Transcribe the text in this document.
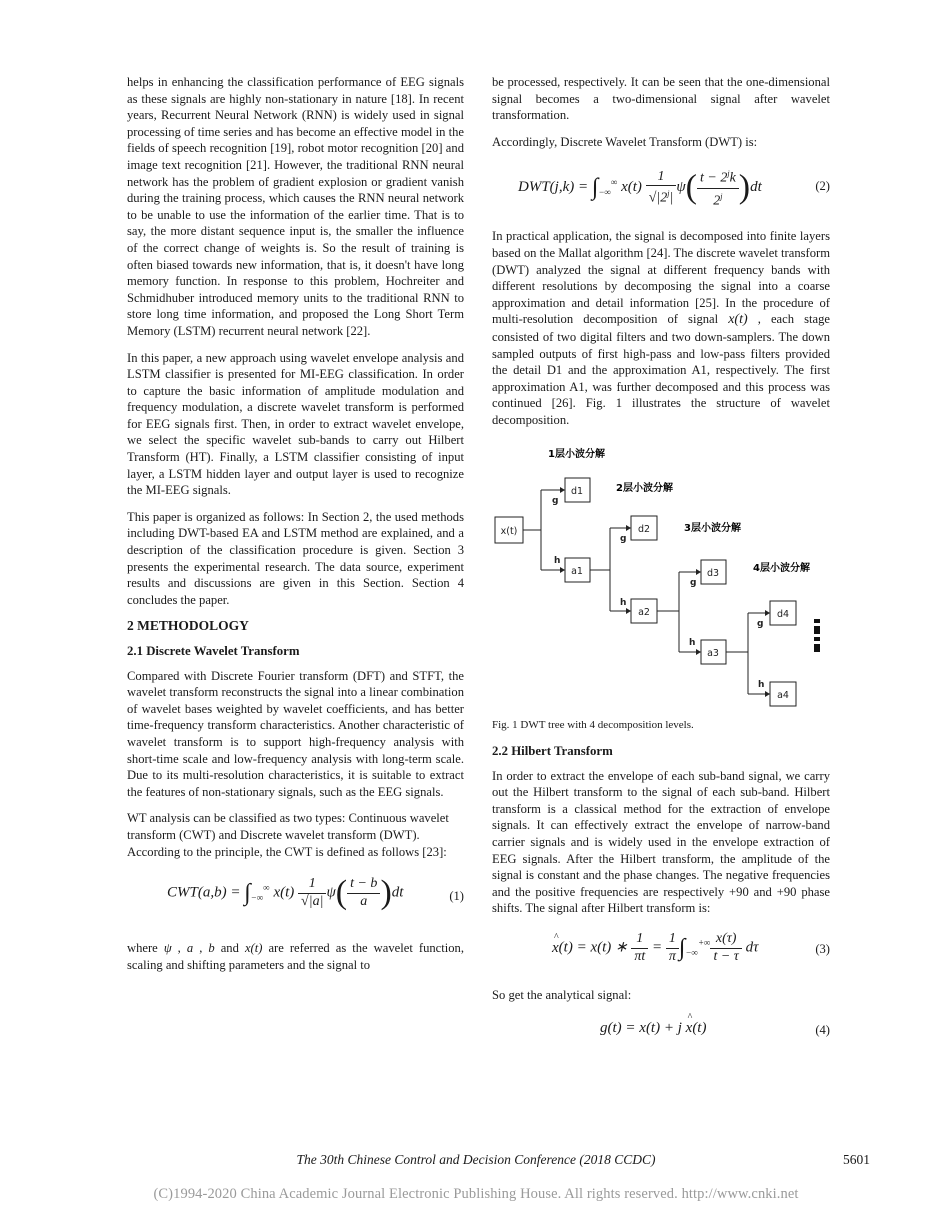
helps in enhancing the classification performance of EEG signals as these signals are highly non-stationary in nature [18]. In recent years, Recurrent Neural Network (RNN) is widely used in signal processing of time series and has become an effective model in the fields of speech recognition [19], robot motor recognition [20] and image text recognition [21]. However, the traditional RNN neural network has the problem of gradient explosion or gradient vanish during the training process, which causes the RNN neural network to be unable to use the information of the earlier time. That is to say, the more distant sequence input is, the smaller the influence of the correct change of weights is. So the result of training is often biased towards new information, that is, it doesn't have long memory function. In response to this problem, Hochreiter and Schmidhuber introduced memory units to the traditional RNN to store long time information, and proposed the Long Short Term Memory (LSTM) recurrent neural network [22].

In this paper, a new approach using wavelet envelope analysis and LSTM classifier is presented for MI-EEG classification. In order to capture the basic information of amplitude modulation and frequency modulation, a discrete wavelet transform is performed for EEG signals first. Then, in order to extract wavelet envelope, we select the specific wavelet sub-bands to carry out Hilbert Transform (HT). Finally, a LSTM classifier consisting of input layer, a LSTM hidden layer and output layer is used to recognize the MI-EEG signals.

This paper is organized as follows: In Section 2, the used methods including DWT-based EA and LSTM method are explained, and a description of the classification procedure is given. Section 3 presents the experimental research. The data source, experiment results and discussions are given in this Section. Section 4 concludes the paper.

2 METHODOLOGY
2.1 Discrete Wavelet Transform

Compared with Discrete Fourier transform (DFT) and STFT, the wavelet transform reconstructs the signal into a linear combination of wavelet bases weighted by wavelet coefficients, and has better time-frequency transform characteristics. Another characteristic of wavelet transform is to support high-frequency analysis with short-time scale and low-frequency analysis with long-term scale. Due to its multi-resolution characteristics, it is suitable to extract the features of non-stationary signals, such as the EEG signals.

WT analysis can be classified as two types: Continuous wavelet transform (CWT) and Discrete wavelet transform (DWT). According to the principle, the CWT is defined as follows [23]:

$CWT(a,b) = \int_{-\infty}^\infty$ $x(t) \frac{1}{√|a|} \psi( \frac{t - b}{a} )dt$	(1)

where ψ , a , b and x(t) are referred as the wavelet function, scaling and shifting parameters and the signal to

be processed, respectively. It can be seen that the one-dimensional signal becomes a two-dimensional signal after wavelet transformation.

Accordingly, Discrete Wavelet Transform (DWT) is:

$DWT(j,k) = \int_{-\infty}^\infty$ $x(t) \frac{1}{√|2^j|} \psi( \frac{t - 2^jk}{2^j} )dt$	(2)

In practical application, the signal is decomposed into finite layers based on the Mallat algorithm [24]. The discrete wavelet transform (DWT) analyzed the signal at different frequency bands with different resolutions by decomposing the signal into a coarse approximation and detail information [25]. In the procedure of multi-resolution decomposition of signal x(t) , each stage consisted of two digital filters and two down-samplers. The down sampled outputs of first high-pass and low-pass filters provided the detail D1 and the approximation A1, respectively. The first approximation A1, was further decomposed and this process was continued [26]. Fig. 1 illustrates the structure of wavelet decomposition.

1层小波分解
2层小波分解
3层小波分解
4层小波分解
g
h
g
h
g
h
g
h
x(t)
d1
a1
d2
a2
d3
a3
d4
a4
Fig. 1 DWT tree with 4 decomposition levels.
2.2 Hilbert Transform

In order to extract the envelope of each sub-band signal, we carry out the Hilbert transform to the signal of each sub-band. Hilbert transform is a classical method for the extraction of envelope signals. It can effectively extract the envelope of narrow-band carrier signals and is widely used in the envelope extraction of EEG signals. After the Hilbert transform, the amplitude of the signal is constant and the phase changes. The negative frequencies and the positive frequencies are respectively +90 and +90 phase shifts. The signal after Hilbert transform is:

^
x(t) = x(t) ∗ $\frac{1}{\pi t} = \frac{1}{\pi} \int_{-\infty}^{+\infty} \frac{x(\tau)}{t - \tau}$ dτ	(3)

So get the analytical signal:

g(t) = x(t) + j
^
x(t)	(4)
The 30th Chinese Control and Decision Conference (2018 CCDC)	5601
(C)1994-2020 China Academic Journal Electronic Publishing House. All rights reserved. http://www.cnki.net
